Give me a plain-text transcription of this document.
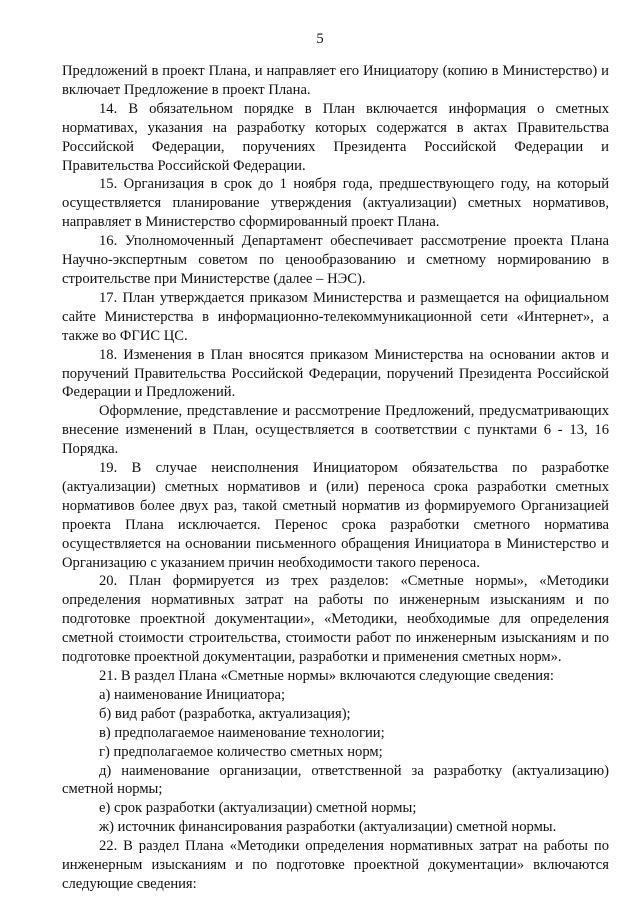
5

Предложений в проект Плана, и направляет его Инициатору (копию в Министерство) и включает Предложение в проект Плана.

14. В обязательном порядке в План включается информация о сметных нормативах, указания на разработку которых содержатся в актах Правительства Российской Федерации, поручениях Президента Российской Федерации и Правительства Российской Федерации.

15. Организация в срок до 1 ноября года, предшествующего году, на который осуществляется планирование утверждения (актуализации) сметных нормативов, направляет в Министерство сформированный проект Плана.

16. Уполномоченный Департамент обеспечивает рассмотрение проекта Плана Научно-экспертным советом по ценообразованию и сметному нормированию в строительстве при Министерстве (далее – НЭС).

17. План утверждается приказом Министерства и размещается на официальном сайте Министерства в информационно-телекоммуникационной сети «Интернет», а также во ФГИС ЦС.

18. Изменения в План вносятся приказом Министерства на основании актов и поручений Правительства Российской Федерации, поручений Президента Российской Федерации и Предложений.

Оформление, представление и рассмотрение Предложений, предусматривающих внесение изменений в План, осуществляется в соответствии с пунктами 6 - 13, 16 Порядка.

19. В случае неисполнения Инициатором обязательства по разработке (актуализации) сметных нормативов и (или) переноса срока разработки сметных нормативов более двух раз, такой сметный норматив из формируемого Организацией проекта Плана исключается. Перенос срока разработки сметного норматива осуществляется на основании письменного обращения Инициатора в Министерство и Организацию с указанием причин необходимости такого переноса.

20. План формируется из трех разделов: «Сметные нормы», «Методики определения нормативных затрат на работы по инженерным изысканиям и по подготовке проектной документации», «Методики, необходимые для определения сметной стоимости строительства, стоимости работ по инженерным изысканиям и по подготовке проектной документации, разработки и применения сметных норм».

21. В раздел Плана «Сметные нормы» включаются следующие сведения:

а) наименование Инициатора;

б) вид работ (разработка, актуализация);

в) предполагаемое наименование технологии;

г) предполагаемое количество сметных норм;

д) наименование организации, ответственной за разработку (актуализацию) сметной нормы;

е) срок разработки (актуализации) сметной нормы;

ж) источник финансирования разработки (актуализации) сметной нормы.

22. В раздел Плана «Методики определения нормативных затрат на работы по инженерным изысканиям и по подготовке проектной документации» включаются следующие сведения:
